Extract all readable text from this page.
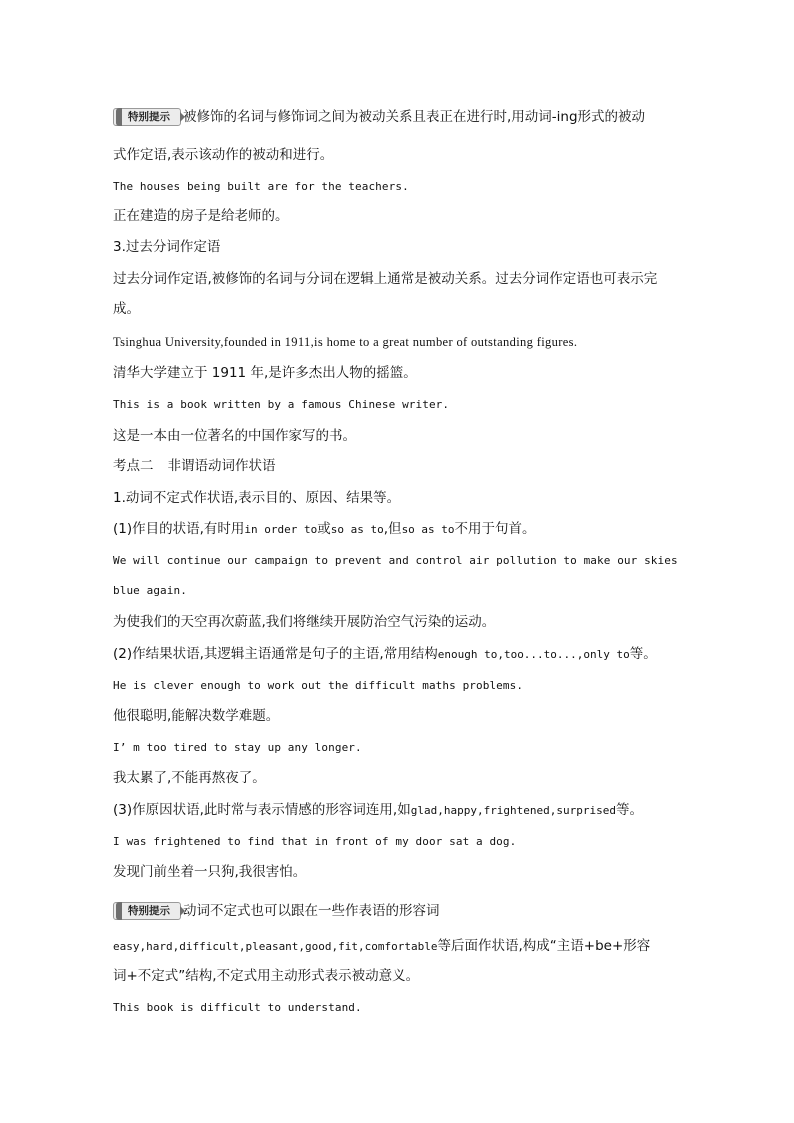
特别提示 被修饰的名词与修饰词之间为被动关系且表正在进行时,用动词-ing形式的被动
式作定语,表示该动作的被动和进行。
The houses being built are for the teachers.
正在建造的房子是给老师的。
3.过去分词作定语
过去分词作定语,被修饰的名词与分词在逻辑上通常是被动关系。过去分词作定语也可表示完
成。
Tsinghua University,founded in 1911,is home to a great number of outstanding figures.
清华大学建立于 1911 年,是许多杰出人物的摇篮。
This is a book written by a famous Chinese writer.
这是一本由一位著名的中国作家写的书。
考点二 非谓语动词作状语
1.动词不定式作状语,表示目的、原因、结果等。
(1)作目的状语,有时用in order to或so as to,但so as to不用于句首。
We will continue our campaign to prevent and control air pollution to make our skies
blue again.
为使我们的天空再次蔚蓝,我们将继续开展防治空气污染的运动。
(2)作结果状语,其逻辑主语通常是句子的主语,常用结构enough to,too...to...,only to等。
He is clever enough to work out the difficult maths problems.
他很聪明,能解决数学难题。
I’ m too tired to stay up any longer.
我太累了,不能再熬夜了。
(3)作原因状语,此时常与表示情感的形容词连用,如glad,happy,frightened,surprised等。
I was frightened to find that in front of my door sat a dog.
发现门前坐着一只狗,我很害怕。
特别提示 动词不定式也可以跟在一些作表语的形容词
easy,hard,difficult,pleasant,good,fit,comfortable等后面作状语,构成“主语+be+形容
词+不定式”结构,不定式用主动形式表示被动意义。
This book is difficult to understand.
